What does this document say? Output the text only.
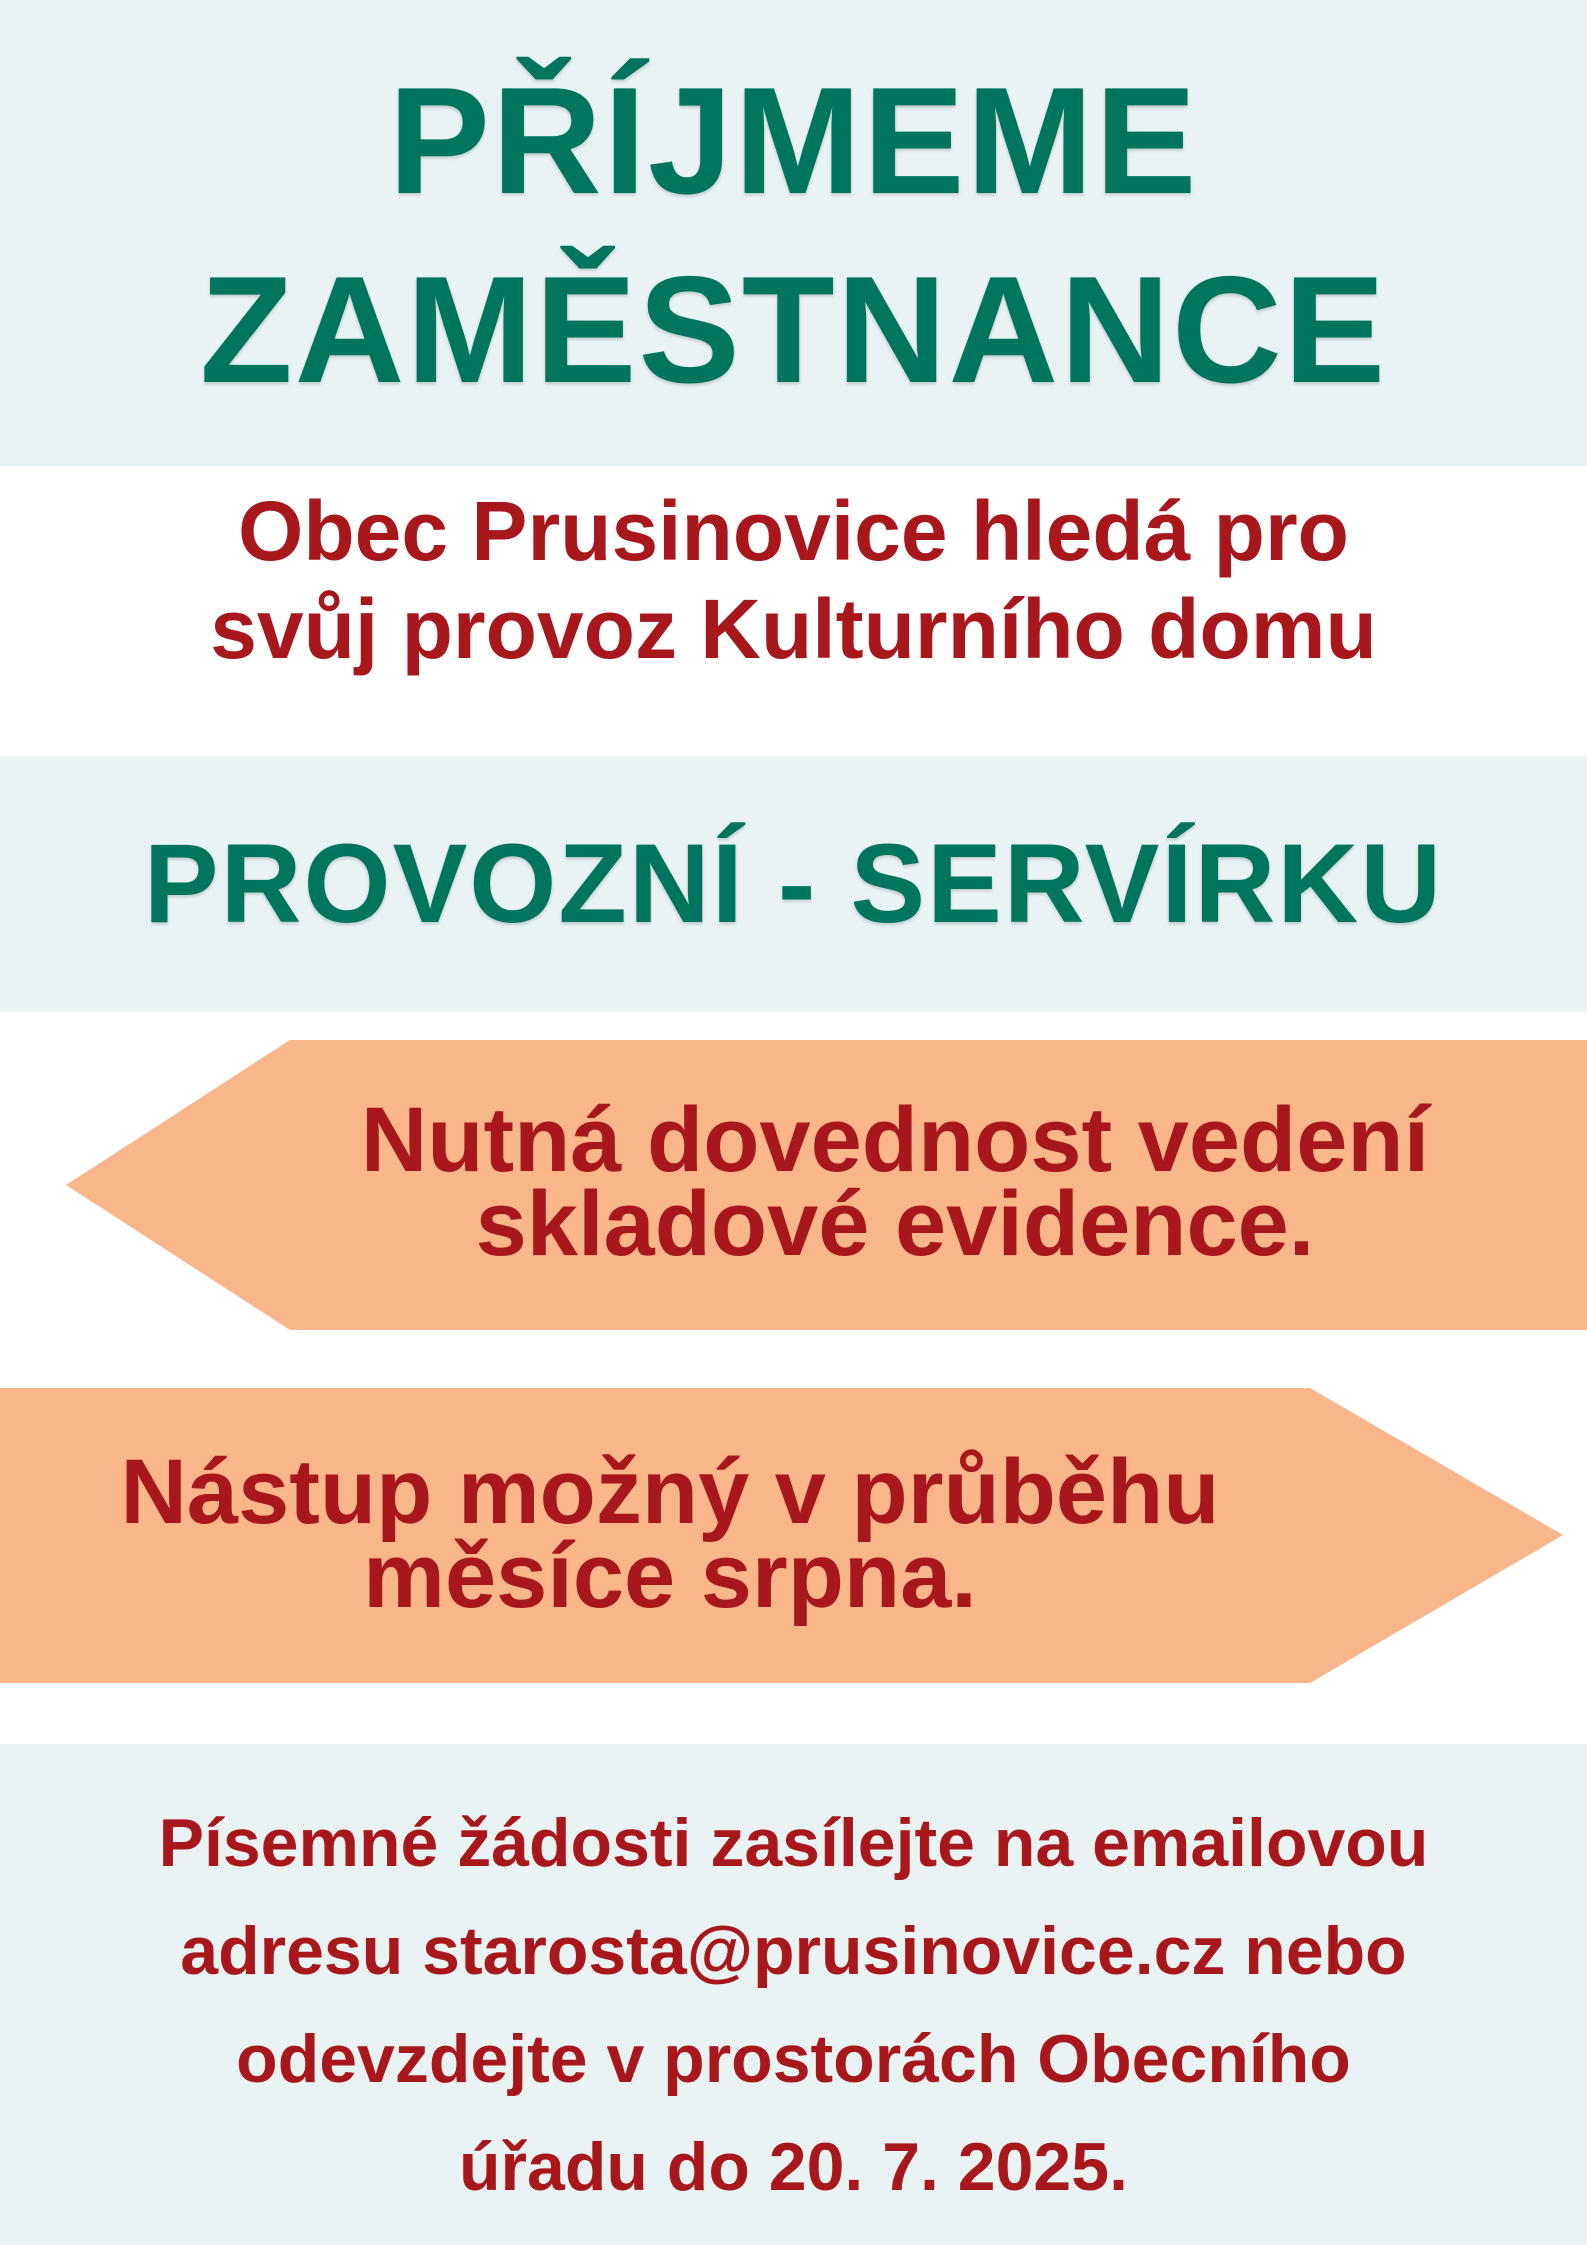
PŘÍJMEME
ZAMĚSTNANCE
Obec Prusinovice hledá pro
svůj provoz Kulturního domu
PROVOZNÍ - SERVÍRKU
Nutná dovednost vedení
skladové evidence.
Nástup možný v průběhu
měsíce srpna.
Písemné žádosti zasílejte na emailovou
adresu starosta@prusinovice.cz nebo
odevzdejte v prostorách Obecního
úřadu do 20. 7. 2025.
